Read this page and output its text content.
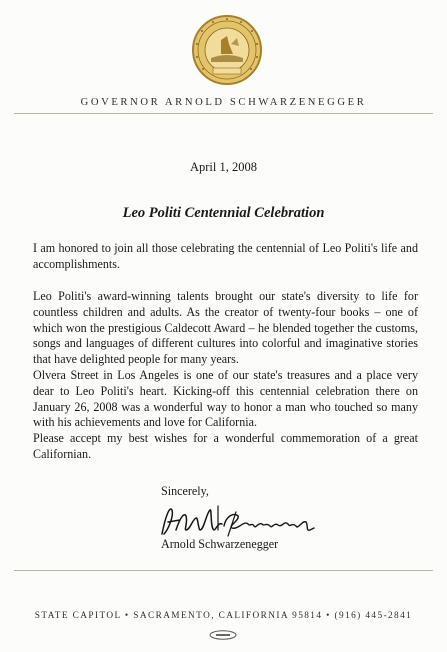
GOVERNOR ARNOLD SCHWARZENEGGER
April 1, 2008
Leo Politi Centennial Celebration
I am honored to join all those celebrating the centennial of Leo Politi's life and accomplishments.
Leo Politi's award-winning talents brought our state's diversity to life for countless children and adults. As the creator of twenty-four books – one of which won the prestigious Caldecott Award – he blended together the customs, songs and languages of different cultures into colorful and imaginative stories that have delighted people for many years.
Olvera Street in Los Angeles is one of our state's treasures and a place very dear to Leo Politi's heart. Kicking-off this centennial celebration there on January 26, 2008 was a wonderful way to honor a man who touched so many with his achievements and love for California.
Please accept my best wishes for a wonderful commemoration of a great Californian.
Sincerely,
Arnold Schwarzenegger
STATE CAPITOL • SACRAMENTO, CALIFORNIA 95814 • (916) 445-2841
